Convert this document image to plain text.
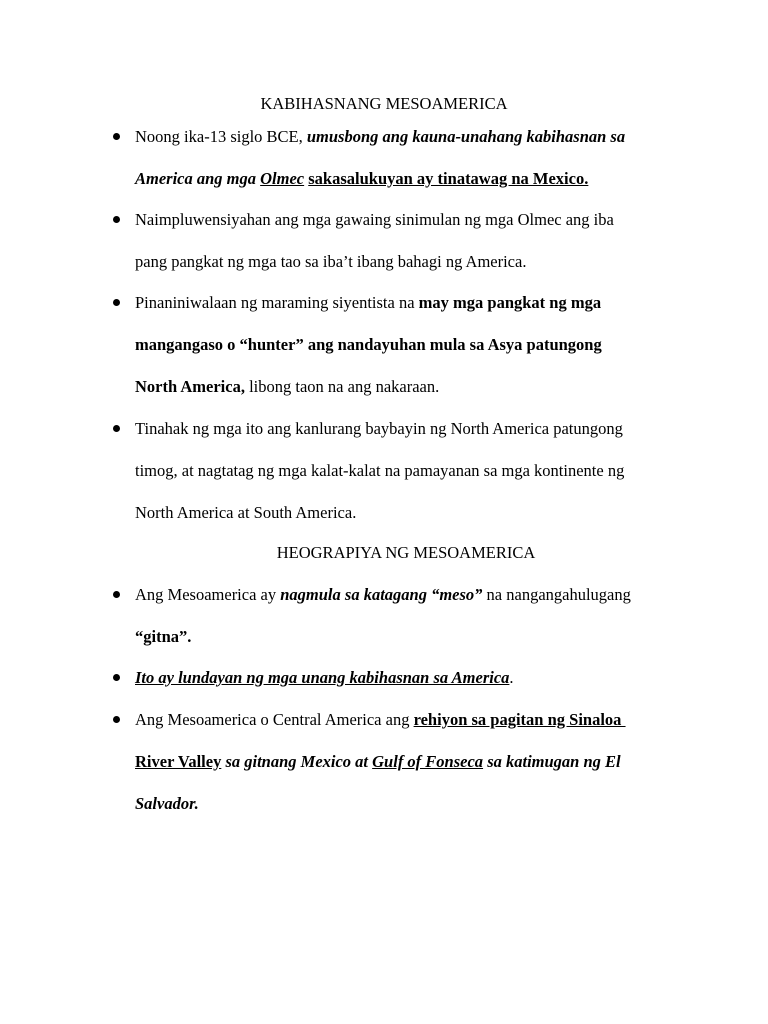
KABIHASNANG MESOAMERICA
Noong ika-13 siglo BCE, umusbong ang kauna-unahang kabihasnan sa
America ang mga Olmec sakasalukuyan ay tinatawag na Mexico.
Naimpluwensiyahan ang mga gawaing sinimulan ng mga Olmec ang iba
pang pangkat ng mga tao sa iba’t ibang bahagi ng America.
Pinaniniwalaan ng maraming siyentista na may mga pangkat ng mga
mangangaso o “hunter” ang nandayuhan mula sa Asya patungong
North America, libong taon na ang nakaraan.
Tinahak ng mga ito ang kanlurang baybayin ng North America patungong
timog, at nagtatag ng mga kalat-kalat na pamayanan sa mga kontinente ng
North America at South America.
HEOGRAPIYA NG MESOAMERICA
Ang Mesoamerica ay nagmula sa katagang “meso” na nangangahulugang
“gitna”.
Ito ay lundayan ng mga unang kabihasnan sa America.
Ang Mesoamerica o Central America ang rehiyon sa pagitan ng Sinaloa
River Valley sa gitnang Mexico at Gulf of Fonseca sa katimugan ng El
Salvador.
